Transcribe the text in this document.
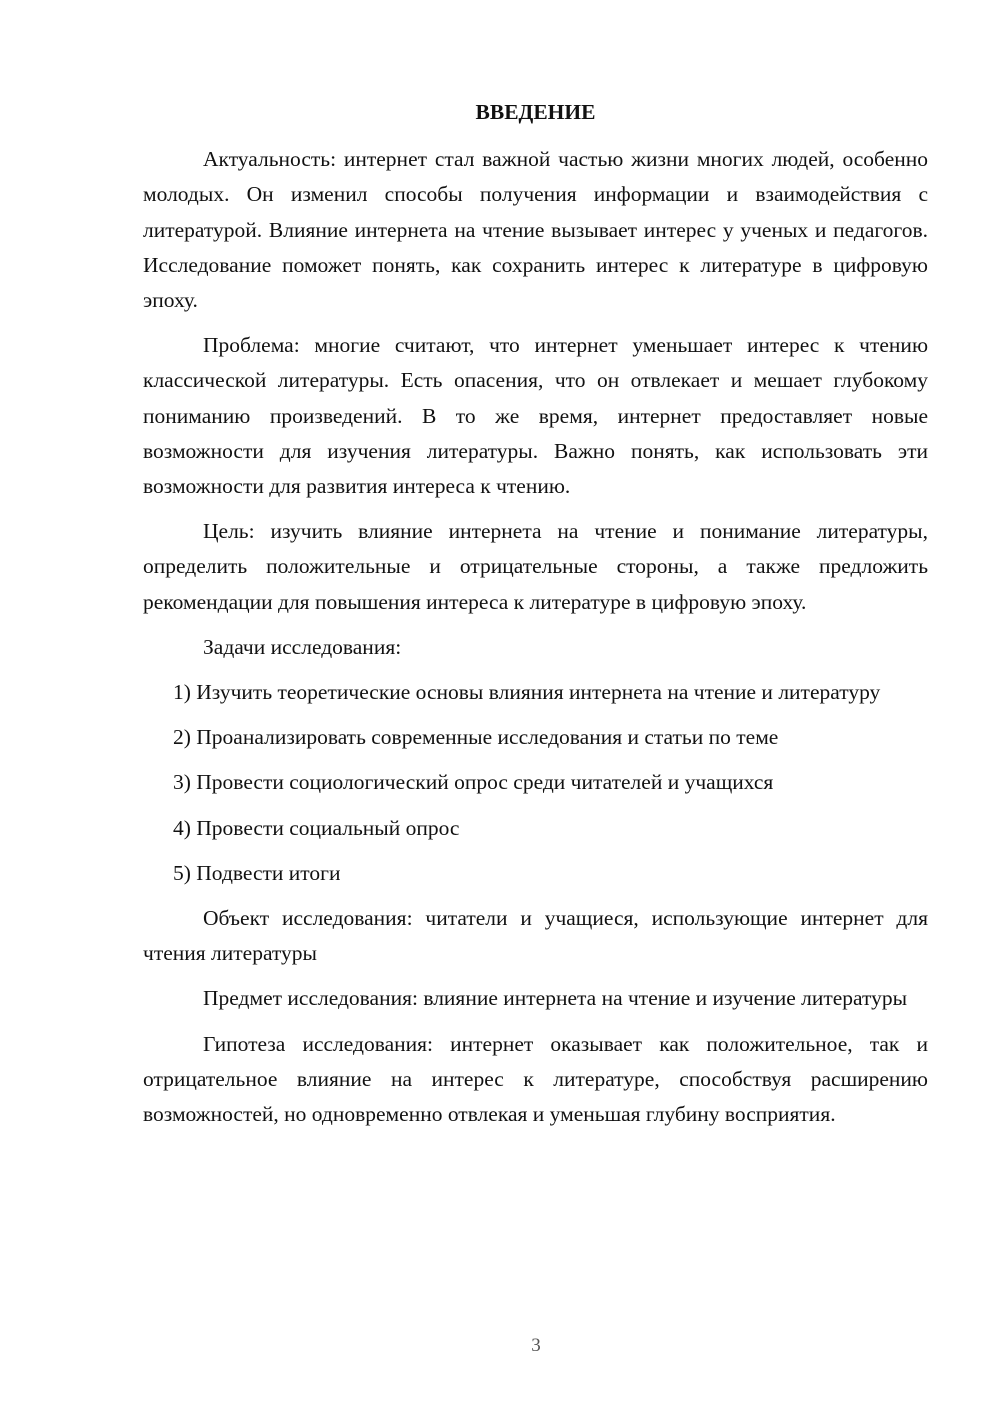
ВВЕДЕНИЕ

Актуальность: интернет стал важной частью жизни многих людей, особенно молодых. Он изменил способы получения информации и взаимодействия с литературой. Влияние интернета на чтение вызывает интерес у ученых и педагогов. Исследование поможет понять, как сохранить интерес к литературе в цифровую эпоху.

Проблема: многие считают, что интернет уменьшает интерес к чтению классической литературы. Есть опасения, что он отвлекает и мешает глубокому пониманию произведений. В то же время, интернет предоставляет новые возможности для изучения литературы. Важно понять, как использовать эти возможности для развития интереса к чтению.

Цель: изучить влияние интернета на чтение и понимание литературы, определить положительные и отрицательные стороны, а также предложить рекомендации для повышения интереса к литературе в цифровую эпоху.

Задачи исследования:

1) Изучить теоретические основы влияния интернета на чтение и литературу

2) Проанализировать современные исследования и статьи по теме

3) Провести социологический опрос среди читателей и учащихся

4) Провести социальный опрос

5) Подвести итоги

Объект исследования: читатели и учащиеся, использующие интернет для чтения литературы

Предмет исследования: влияние интернета на чтение и изучение литературы

Гипотеза исследования: интернет оказывает как положительное, так и отрицательное влияние на интерес к литературе, способствуя расширению возможностей, но одновременно отвлекая и уменьшая глубину восприятия.

3
